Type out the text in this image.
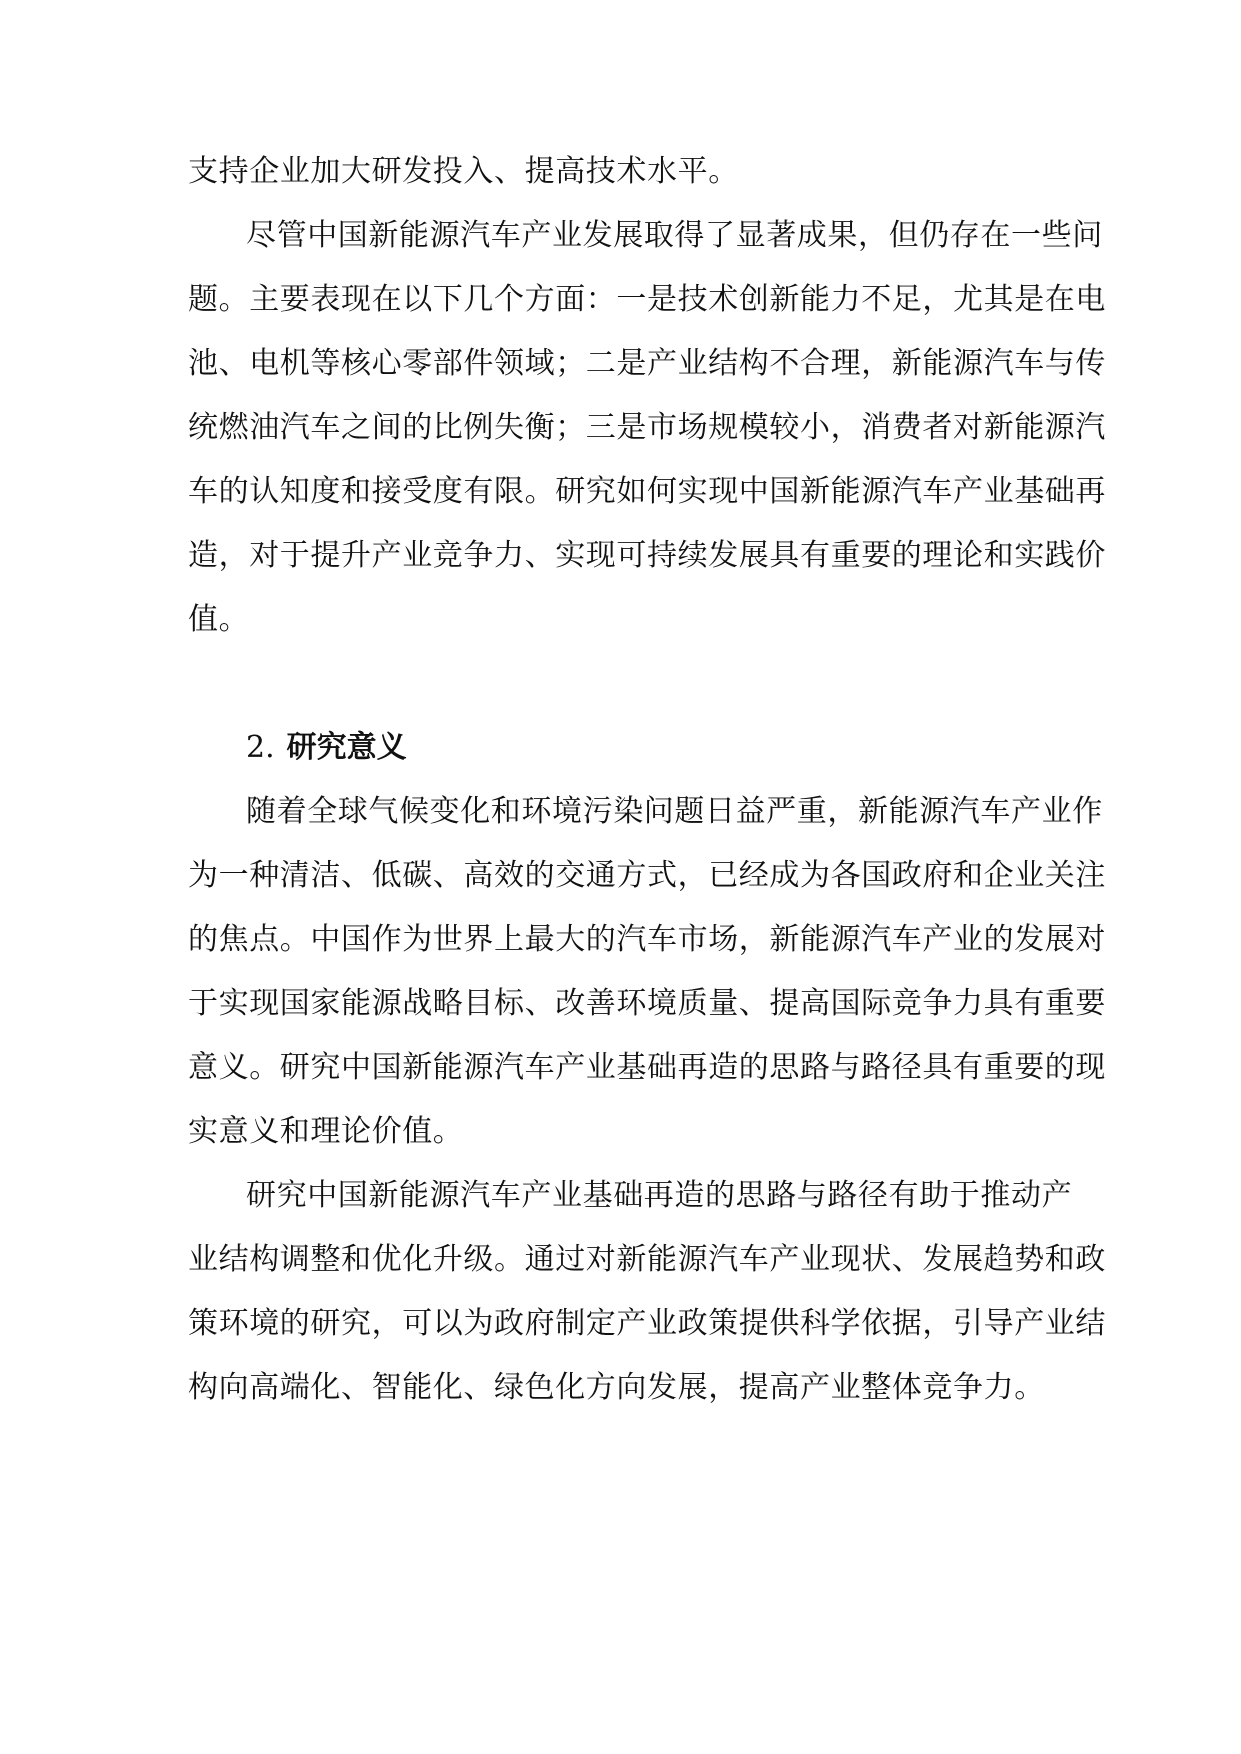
支持企业加大研发投入、提高技术水平。
尽管中国新能源汽车产业发展取得了显著成果，但仍存在一些问
题。主要表现在以下几个方面：一是技术创新能力不足，尤其是在电
池、电机等核心零部件领域；二是产业结构不合理，新能源汽车与传
统燃油汽车之间的比例失衡；三是市场规模较小，消费者对新能源汽
车的认知度和接受度有限。研究如何实现中国新能源汽车产业基础再
造，对于提升产业竞争力、实现可持续发展具有重要的理论和实践价
值。
2. 研究意义
随着全球气候变化和环境污染问题日益严重，新能源汽车产业作
为一种清洁、低碳、高效的交通方式，已经成为各国政府和企业关注
的焦点。中国作为世界上最大的汽车市场，新能源汽车产业的发展对
于实现国家能源战略目标、改善环境质量、提高国际竞争力具有重要
意义。研究中国新能源汽车产业基础再造的思路与路径具有重要的现
实意义和理论价值。
研究中国新能源汽车产业基础再造的思路与路径有助于推动产
业结构调整和优化升级。通过对新能源汽车产业现状、发展趋势和政
策环境的研究，可以为政府制定产业政策提供科学依据，引导产业结
构向高端化、智能化、绿色化方向发展，提高产业整体竞争力。
